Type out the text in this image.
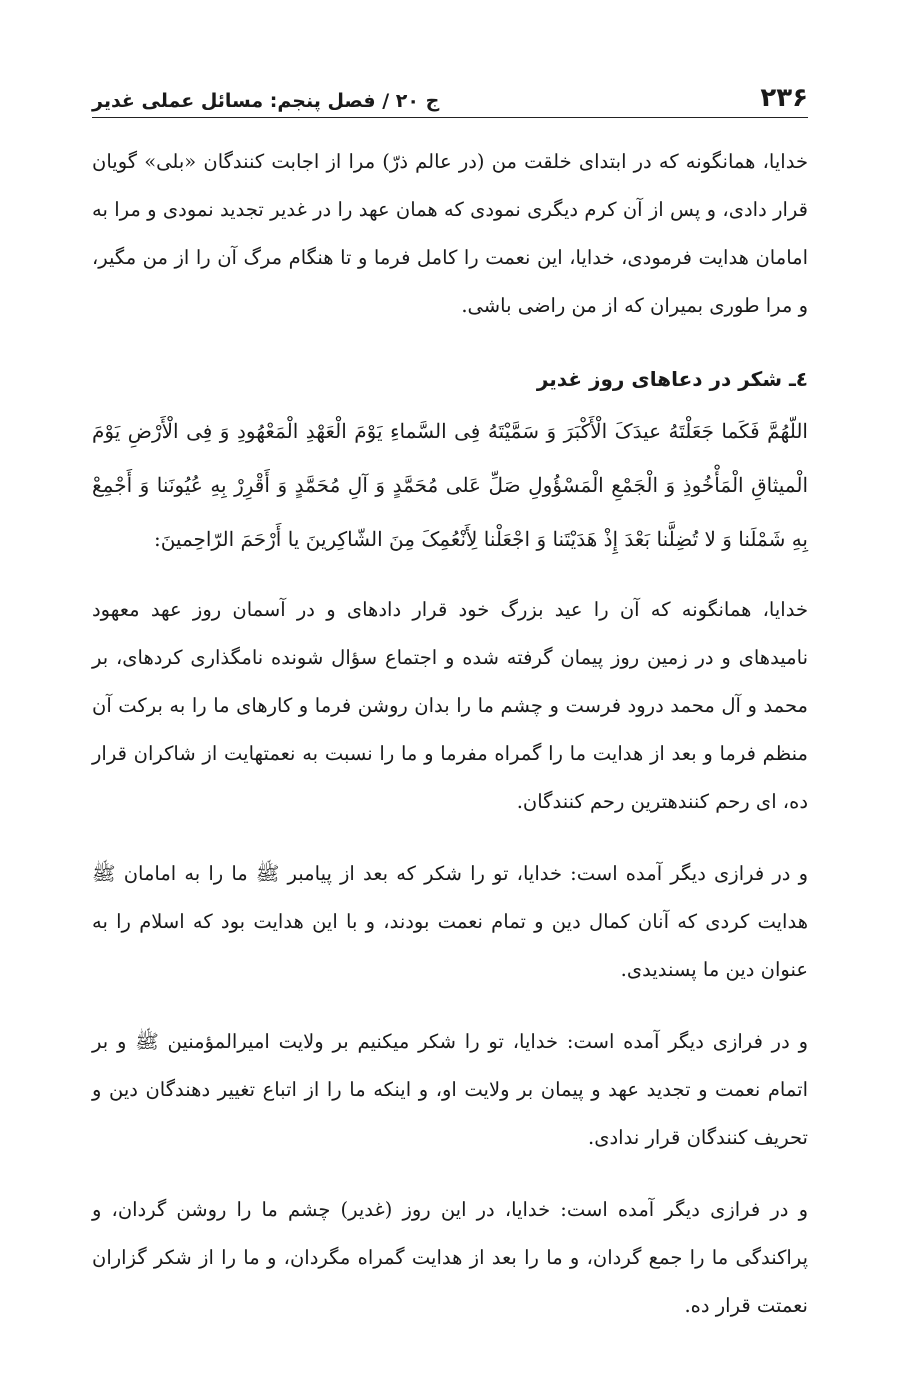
۲۳۶
ج ۲۰ / فصل پنجم: مسائل عملی غدیر

خدایا، همانگونه که در ابتدای خلقت من (در عالم ذرّ) مرا از اجابت کنندگان «بلی» گویان قرار دادی، و پس از آن کرم دیگری نمودی که همان عهد را در غدیر تجدید نمودی و مرا به امامان هدایت فرمودی، خدایا، این نعمت را کامل فرما و تا هنگام مرگ آن را از من مگیر، و مرا طوری بمیران که از من راضی باشی.

٤ـ شکر در دعاهای روز غدیر

اللّهُمَّ فَکَما جَعَلْتَهُ عیدَکَ الْأَکْبَرَ وَ سَمَّیْتَهُ فِی السَّماءِ یَوْمَ الْعَهْدِ الْمَعْهُودِ وَ فِی الْأَرْضِ یَوْمَ الْمیثاقِ الْمَأْخُوذِ وَ الْجَمْعِ الْمَسْؤُولِ صَلِّ عَلی مُحَمَّدٍ وَ آلِ مُحَمَّدٍ وَ أَقْرِرْ بِهِ عُیُونَنا وَ أَجْمِعْ بِهِ شَمْلَنا وَ لا تُضِلَّنا بَعْدَ إِذْ هَدَیْتَنا وَ اجْعَلْنا لِأَنْعُمِکَ مِنَ الشّاکِرینَ یا أَرْحَمَ الرّاحِمینَ:

خدایا، همانگونه که آن را عید بزرگ خود قرار دادهای و در آسمان روز عهد معهود نامیدهای و در زمین روز پیمان گرفته شده و اجتماع سؤال شونده نامگذاری کردهای، بر محمد و آل محمد درود فرست و چشم ما را بدان روشن فرما و کارهای ما را به برکت آن منظم فرما و بعد از هدایت ما را گمراه مفرما و ما را نسبت به نعمتهایت از شاکران قرار ده، ای رحم کنندهترین رحم کنندگان.

و در فرازی دیگر آمده است: خدایا، تو را شکر که بعد از پیامبر ﷺ ما را به امامان ﷺ هدایت کردی که آنان کمال دین و تمام نعمت بودند، و با این هدایت بود که اسلام را به عنوان دین ما پسندیدی.

و در فرازی دیگر آمده است: خدایا، تو را شکر میکنیم بر ولایت امیرالمؤمنین ﷺ و بر اتمام نعمت و تجدید عهد و پیمان بر ولایت او، و اینکه ما را از اتباع تغییر دهندگان دین و تحریف کنندگان قرار ندادی.

و در فرازی دیگر آمده است: خدایا، در این روز (غدیر) چشم ما را روشن گردان، و پراکندگی ما را جمع گردان، و ما را بعد از هدایت گمراه مگردان، و ما را از شکر گزاران نعمتت قرار ده.
